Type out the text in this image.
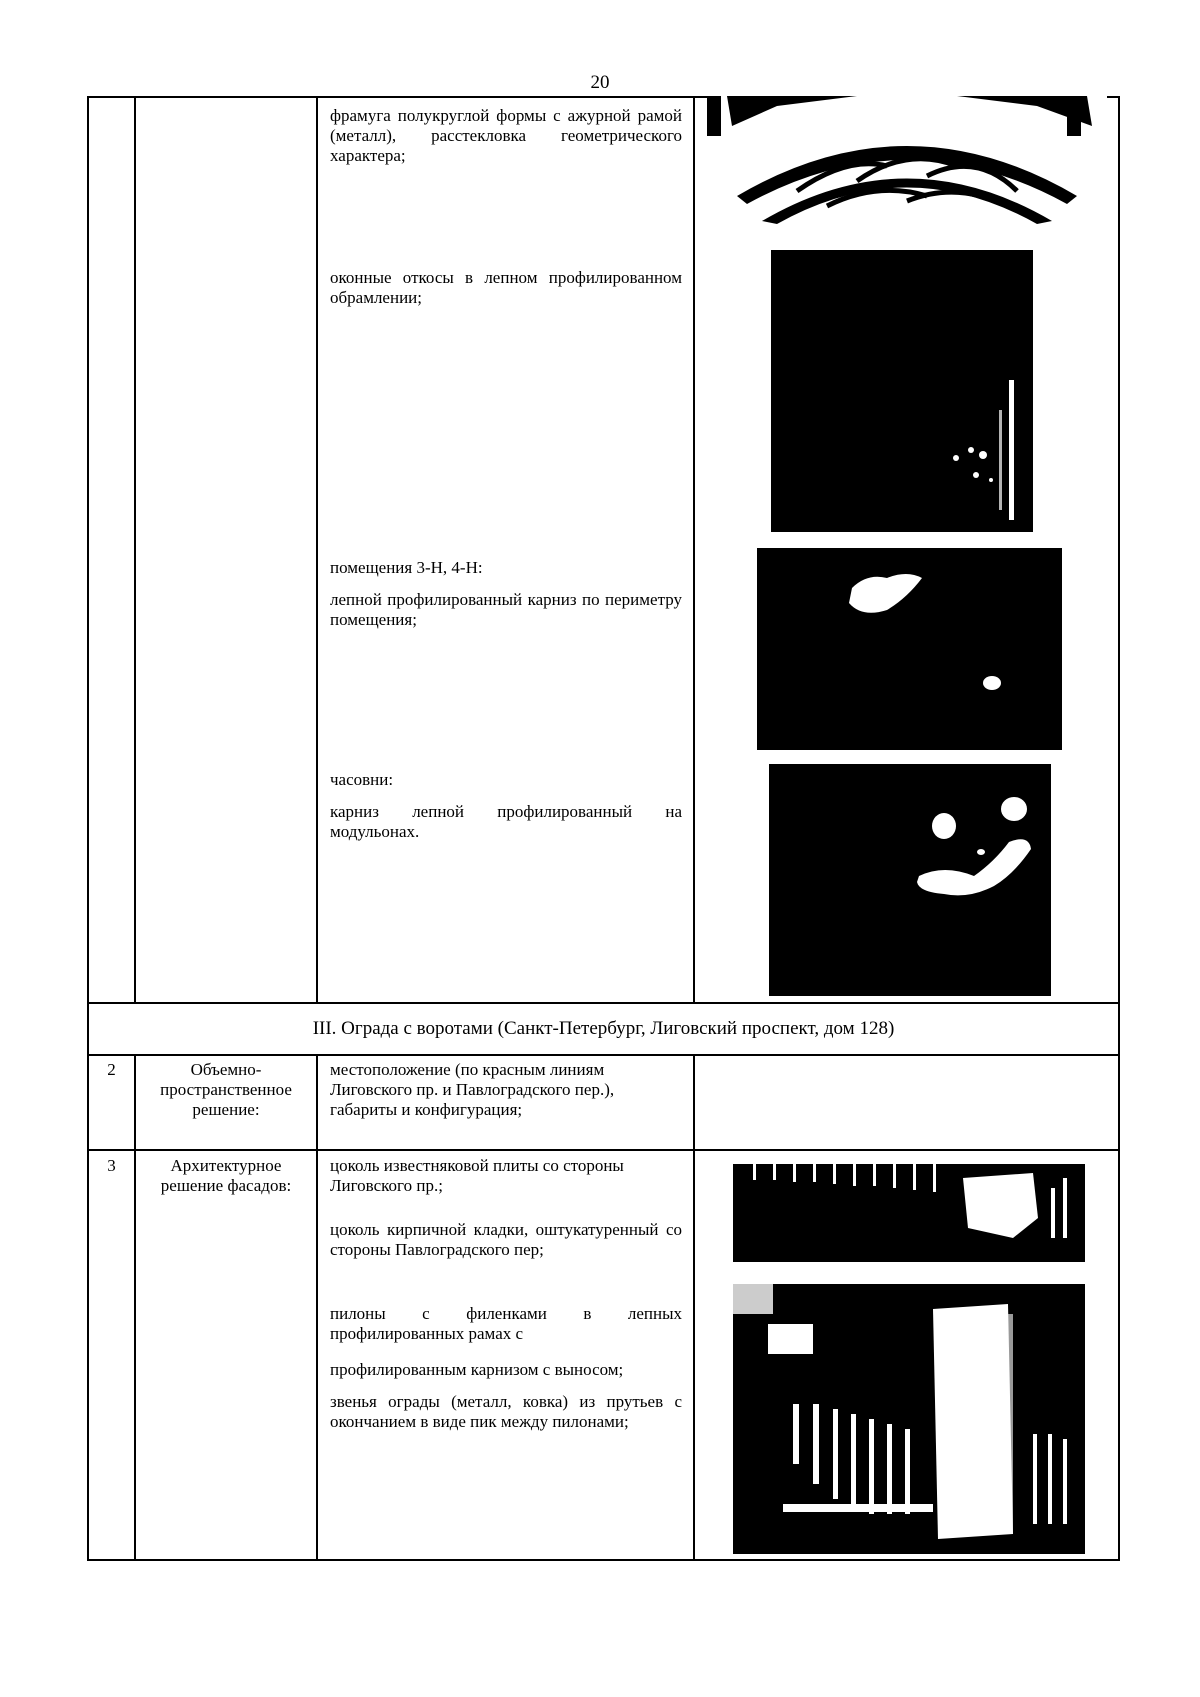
20
фрамуга полукруглой формы с ажурной рамой (металл), расстекловка геометрического характера;
оконные откосы в лепном профилированном обрамлении;
помещения 3-Н, 4-Н:
лепной профилированный карниз по периметру помещения;
часовни:
карниз лепной профилированный на модульонах.
III. Ограда с воротами (Санкт-Петербург, Лиговский проспект, дом 128)
2	Объемно-пространственное решение:
местоположение (по красным линиям Лиговского пр. и Павлоградского пер.), габариты и конфигурация;
3	Архитектурное решение фасадов:
цоколь известняковой плиты со стороны Лиговского пр.;
цоколь кирпичной кладки, оштукатуренный со стороны Павлоградского пер;
пилоны с филенками в лепных профилированных рамах с
профилированным карнизом с выносом;
звенья ограды (металл, ковка) из прутьев с окончанием в виде пик между пилонами;
